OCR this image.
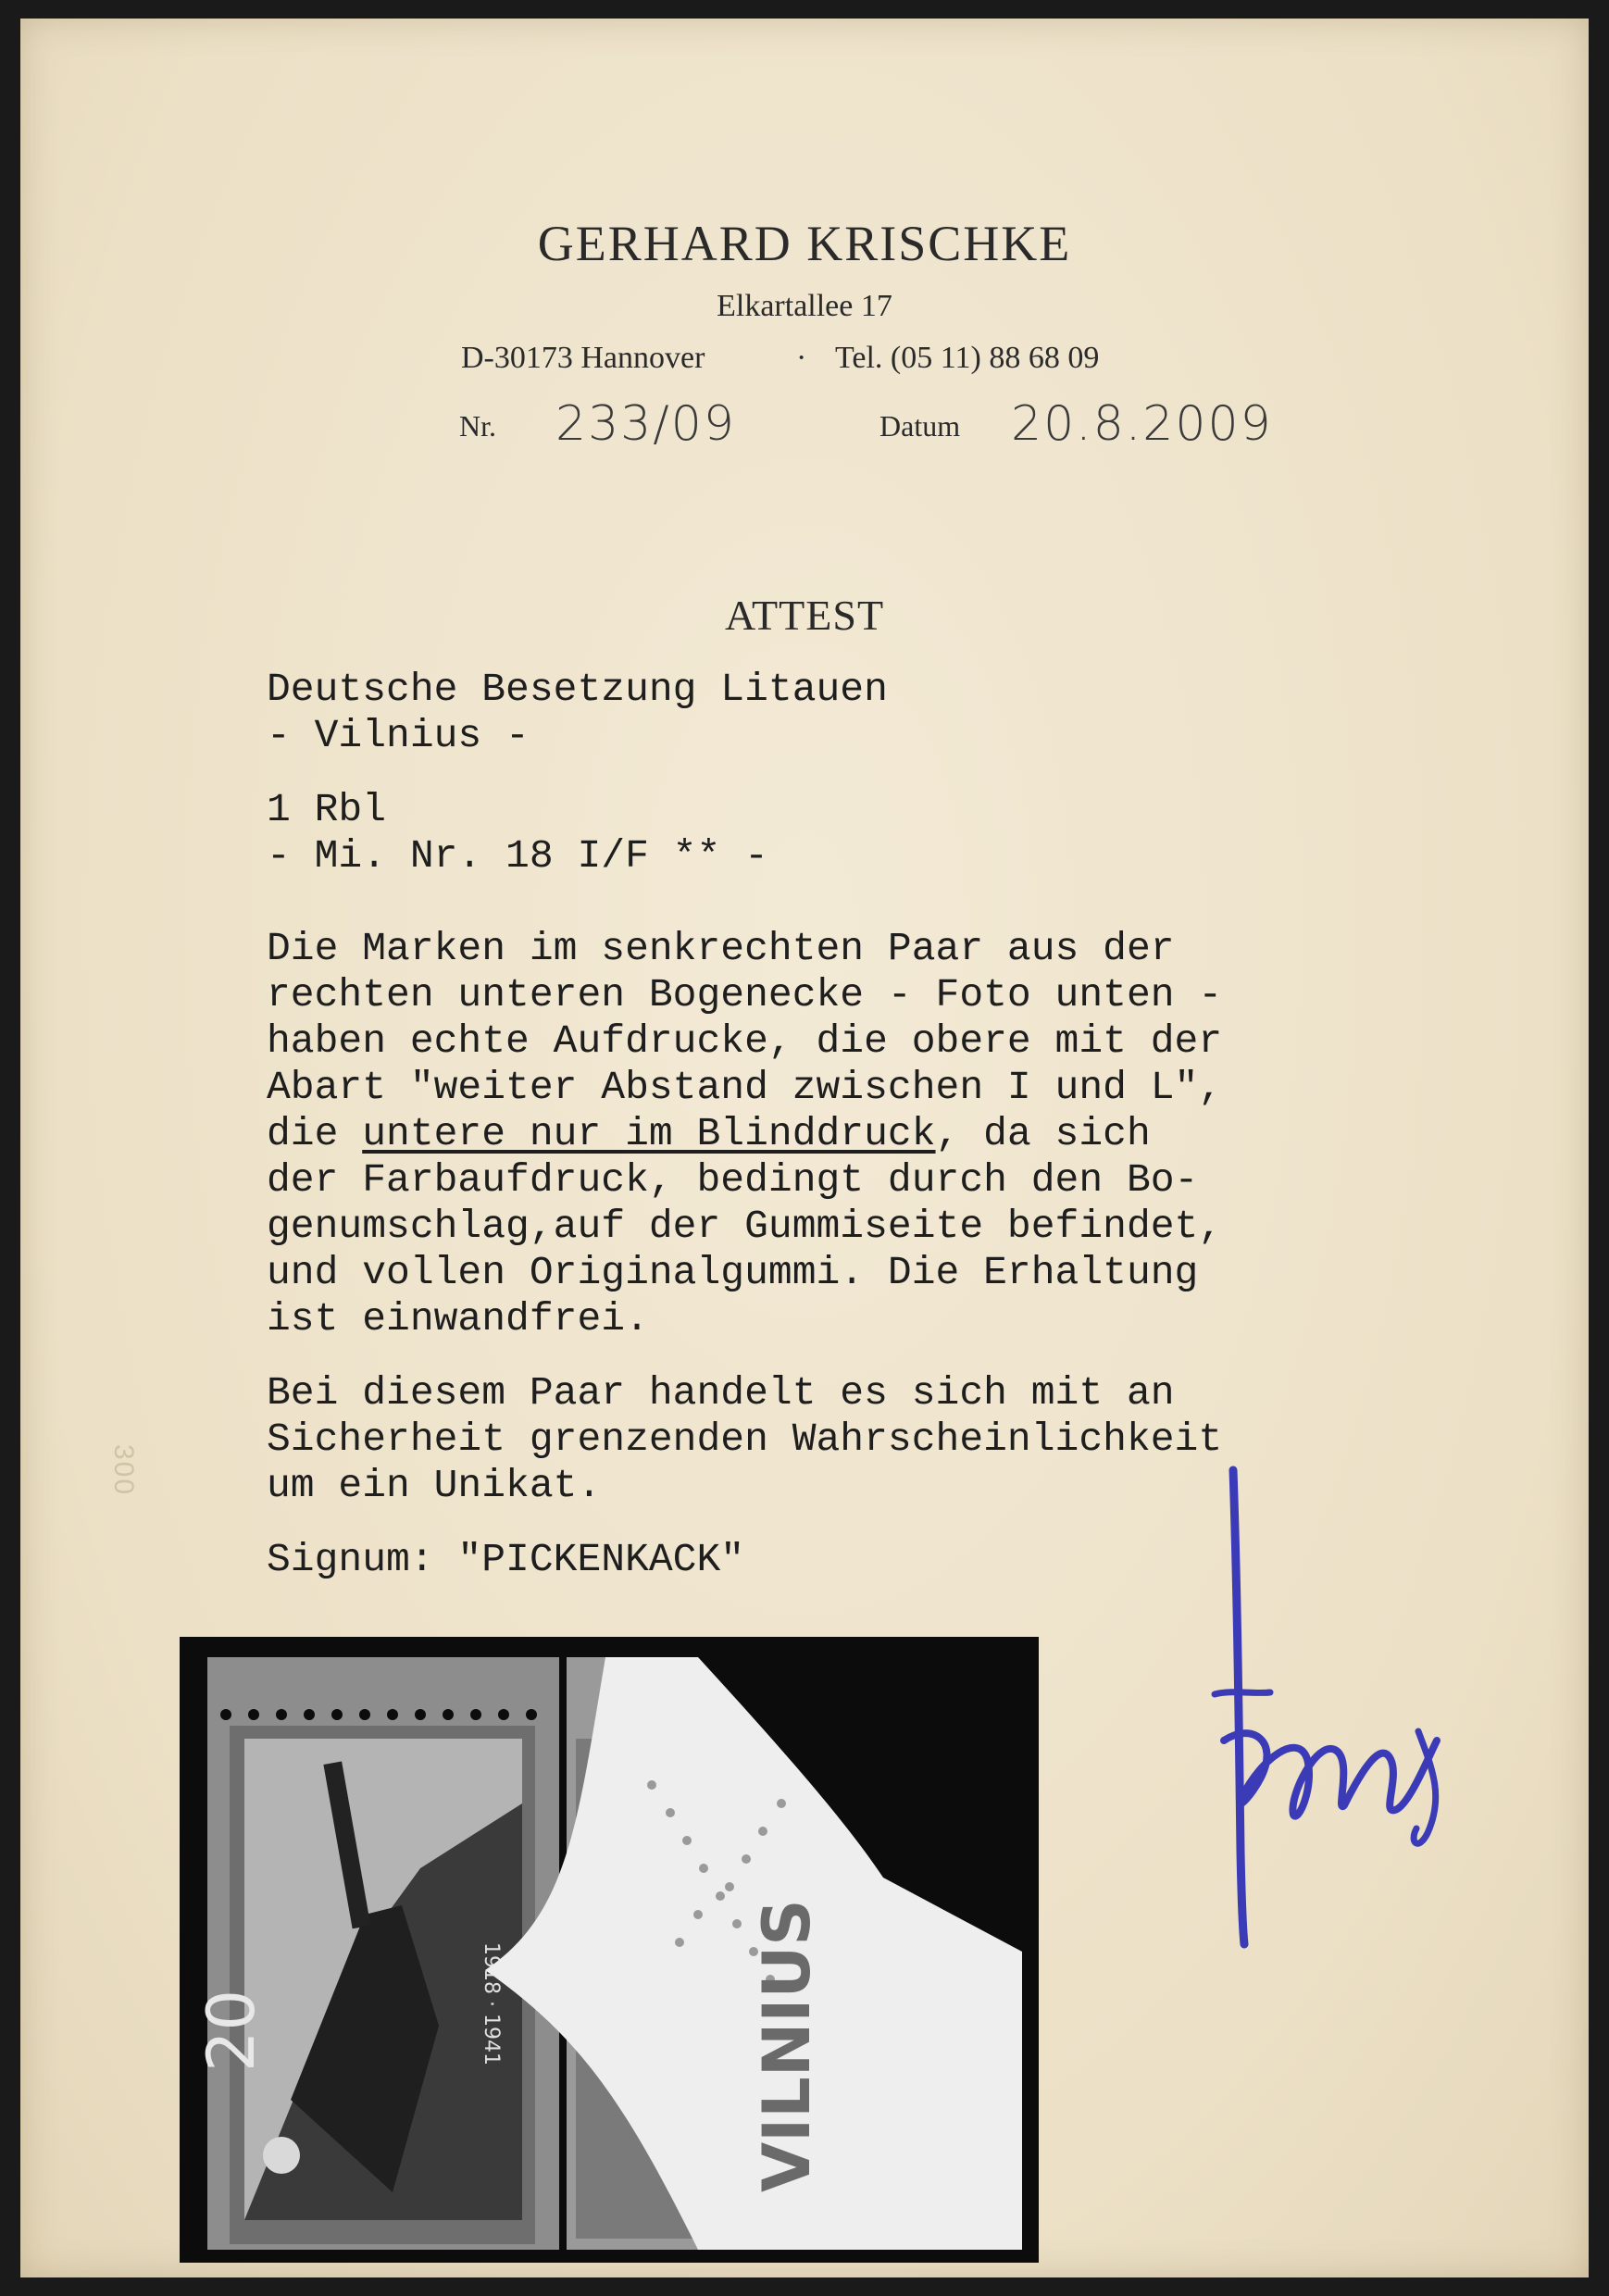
GERHARD KRISCHKE
Elkartallee 17
D-30173 Hannover	· Tel. (05 11) 88 68 09
Nr. 233/09	Datum 20.8.2009
ATTEST
Deutsche Besetzung Litauen
- Vilnius -
1 Rbl
- Mi. Nr. 18 I/F ** -
Die Marken im senkrechten Paar aus der
rechten unteren Bogenecke - Foto unten -
haben echte Aufdrucke, die obere mit der
Abart "weiter Abstand zwischen I und L",
die untere nur im Blinddruck, da sich
der Farbaufdruck, bedingt durch den Bo-
genumschlag,auf der Gummiseite befindet,
und vollen Originalgummi. Die Erhaltung
ist einwandfrei.
Bei diesem Paar handelt es sich mit an
Sicherheit grenzenden Wahrscheinlichkeit
um ein Unikat.
Signum: "PICKENKACK"
300
20	1918 · 1941	VILNIUS
